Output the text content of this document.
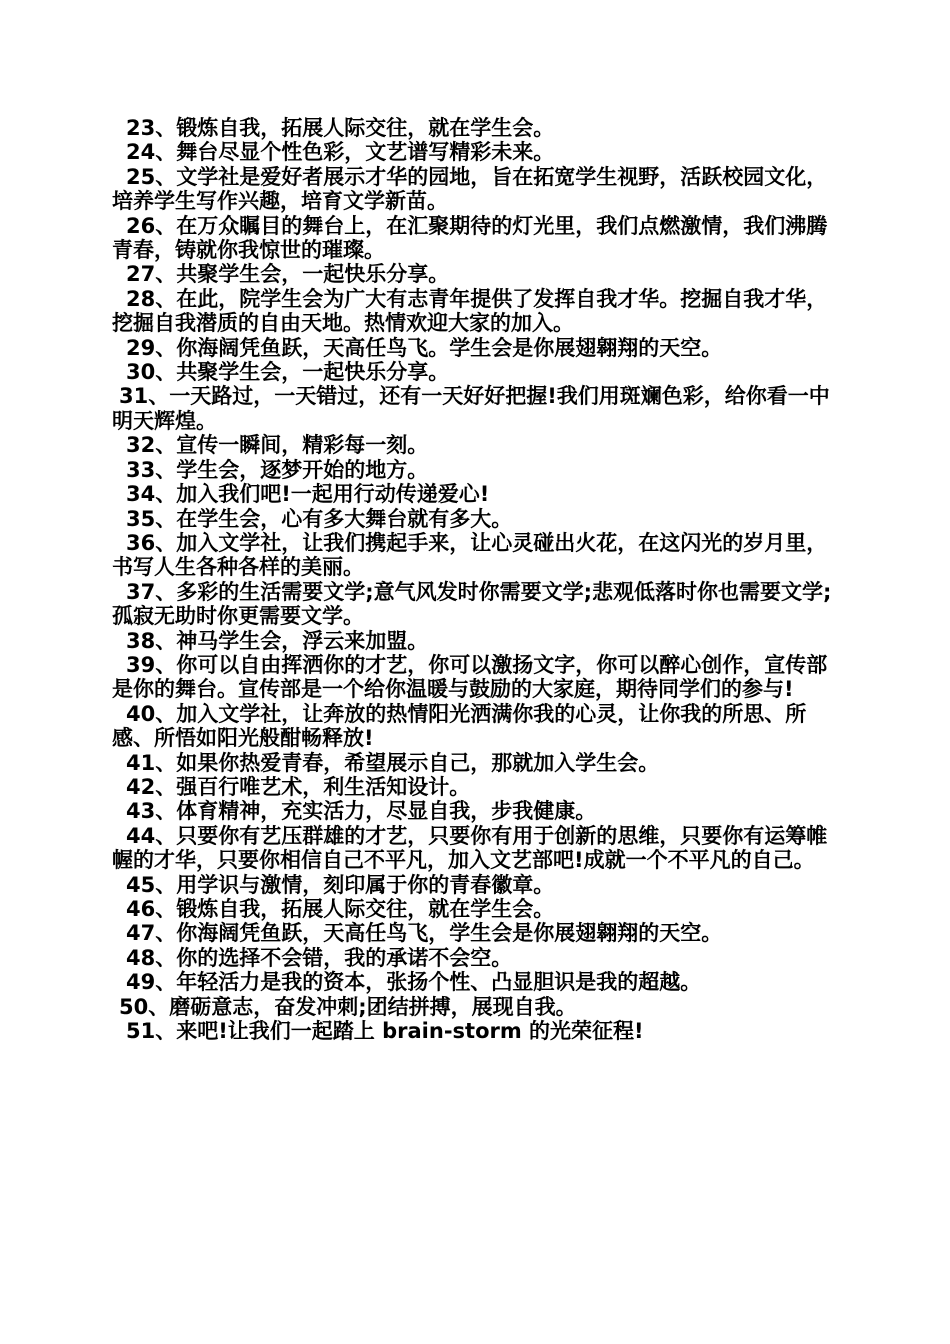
23、锻炼自我，拓展人际交往，就在学生会。

24、舞台尽显个性色彩，文艺谱写精彩未来。

25、文学社是爱好者展示才华的园地，旨在拓宽学生视野，活跃校园文化，培养学生写作兴趣，培育文学新苗。

26、在万众瞩目的舞台上，在汇聚期待的灯光里，我们点燃激情，我们沸腾青春，铸就你我惊世的璀璨。

27、共聚学生会，一起快乐分享。

28、在此，院学生会为广大有志青年提供了发挥自我才华。挖掘自我才华，挖掘自我潜质的自由天地。热情欢迎大家的加入。

29、你海阔凭鱼跃，天高任鸟飞。学生会是你展翅翱翔的天空。

30、共聚学生会，一起快乐分享。

31、一天路过，一天错过，还有一天好好把握!我们用斑斓色彩，给你看一中明天辉煌。

32、宣传一瞬间，精彩每一刻。

33、学生会，逐梦开始的地方。

34、加入我们吧!一起用行动传递爱心!

35、在学生会，心有多大舞台就有多大。

36、加入文学社，让我们携起手来，让心灵碰出火花，在这闪光的岁月里，书写人生各种各样的美丽。

37、多彩的生活需要文学;意气风发时你需要文学;悲观低落时你也需要文学;孤寂无助时你更需要文学。

38、神马学生会，浮云来加盟。

39、你可以自由挥洒你的才艺，你可以激扬文字，你可以醉心创作，宣传部是你的舞台。宣传部是一个给你温暖与鼓励的大家庭，期待同学们的参与!

40、加入文学社，让奔放的热情阳光洒满你我的心灵，让你我的所思、所感、所悟如阳光般酣畅释放!

41、如果你热爱青春，希望展示自己，那就加入学生会。

42、强百行唯艺术，利生活知设计。

43、体育精神，充实活力，尽显自我，步我健康。

44、只要你有艺压群雄的才艺，只要你有用于创新的思维，只要你有运筹帷幄的才华，只要你相信自己不平凡，加入文艺部吧!成就一个不平凡的自己。

45、用学识与激情，刻印属于你的青春徽章。

46、锻炼自我，拓展人际交往，就在学生会。

47、你海阔凭鱼跃，天高任鸟飞，学生会是你展翅翱翔的天空。

48、你的选择不会错，我的承诺不会空。

49、年轻活力是我的资本，张扬个性、凸显胆识是我的超越。

50、磨砺意志，奋发冲刺;团结拼搏，展现自我。

51、来吧!让我们一起踏上 brain-storm 的光荣征程!
